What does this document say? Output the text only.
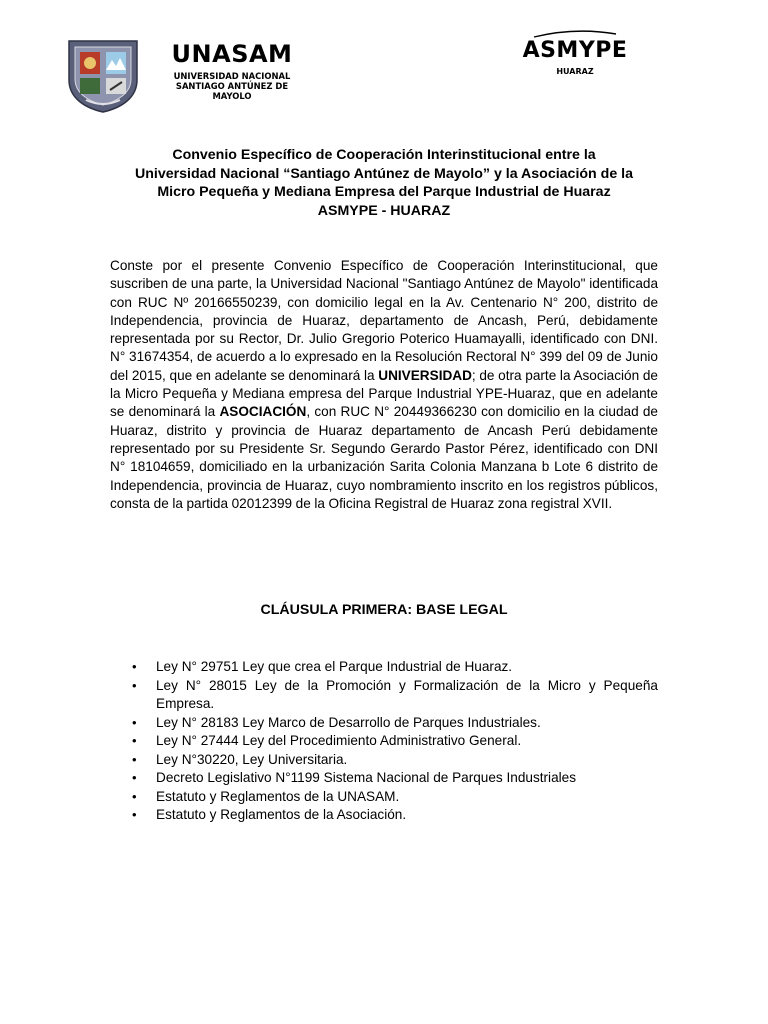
UNASAM
UNIVERSIDAD NACIONAL
SANTIAGO ANTÚNEZ DE
MAYOLO
ASMYPE
HUARAZ
Convenio Específico de Cooperación Interinstitucional entre la
Universidad Nacional “Santiago Antúnez de Mayolo” y la Asociación de la
Micro Pequeña y Mediana Empresa del Parque Industrial de Huaraz
ASMYPE - HUARAZ
Conste por el presente Convenio Específico de Cooperación Interinstitucional, que suscriben de una parte, la Universidad Nacional "Santiago Antúnez de Mayolo" identificada con RUC Nº 20166550239, con domicilio legal en la Av. Centenario N° 200, distrito de Independencia, provincia de Huaraz, departamento de Ancash, Perú, debidamente representada por su Rector, Dr. Julio Gregorio Poterico Huamayalli, identificado con DNI. N° 31674354, de acuerdo a lo expresado en la Resolución Rectoral N° 399 del 09 de Junio del 2015, que en adelante se denominará la UNIVERSIDAD; de otra parte la Asociación de la Micro Pequeña y Mediana empresa del Parque Industrial YPE-Huaraz, que en adelante se denominará la ASOCIACIÓN, con RUC N° 20449366230 con domicilio en la ciudad de Huaraz, distrito y provincia de Huaraz departamento de Ancash Perú debidamente representado por su Presidente Sr. Segundo Gerardo Pastor Pérez, identificado con DNI N° 18104659, domiciliado en la urbanización Sarita Colonia Manzana b Lote 6 distrito de Independencia, provincia de Huaraz, cuyo nombramiento inscrito en los registros públicos, consta de la partida 02012399 de la Oficina Registral de Huaraz zona registral XVII.
CLÁUSULA PRIMERA: BASE LEGAL
• Ley N° 29751 Ley que crea el Parque Industrial de Huaraz.
• Ley N° 28015 Ley de la Promoción y Formalización de la Micro y Pequeña Empresa.
• Ley N° 28183 Ley Marco de Desarrollo de Parques Industriales.
• Ley N° 27444 Ley del Procedimiento Administrativo General.
• Ley N°30220, Ley Universitaria.
• Decreto Legislativo N°1199 Sistema Nacional de Parques Industriales
• Estatuto y Reglamentos de la UNASAM.
• Estatuto y Reglamentos de la Asociación.
